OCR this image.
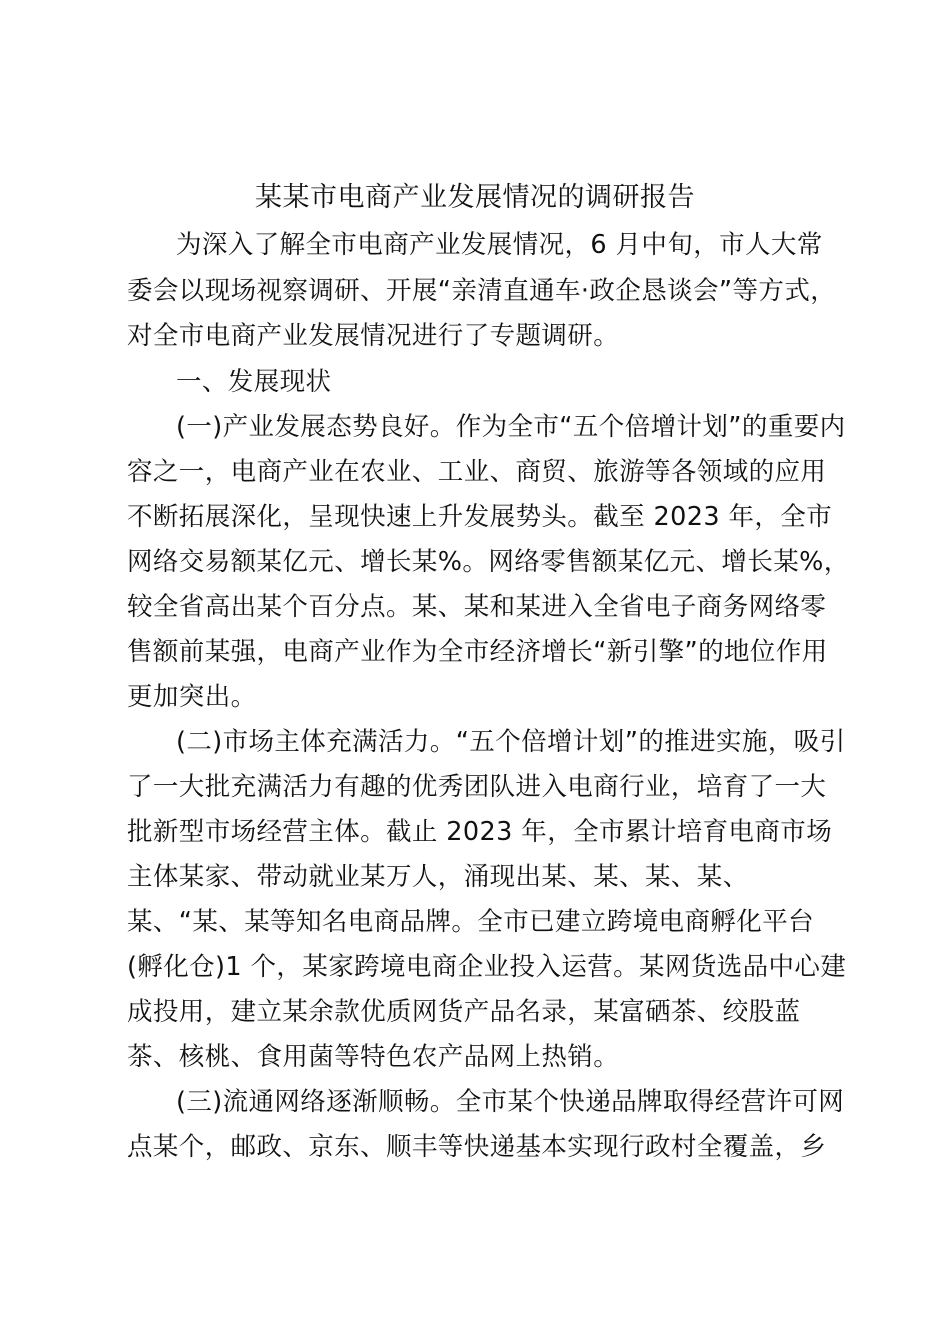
某某市电商产业发展情况的调研报告
为深入了解全市电商产业发展情况，6 月中旬，市人大常
委会以现场视察调研、开展“亲清直通车·政企恳谈会”等方式，
对全市电商产业发展情况进行了专题调研。
一、发展现状
(一)产业发展态势良好。作为全市“五个倍增计划”的重要内
容之一，电商产业在农业、工业、商贸、旅游等各领域的应用
不断拓展深化，呈现快速上升发展势头。截至 2023 年，全市
网络交易额某亿元、增长某%。网络零售额某亿元、增长某%，
较全省高出某个百分点。某、某和某进入全省电子商务网络零
售额前某强，电商产业作为全市经济增长“新引擎”的地位作用
更加突出。
(二)市场主体充满活力。“五个倍增计划”的推进实施，吸引
了一大批充满活力有趣的优秀团队进入电商行业，培育了一大
批新型市场经营主体。截止 2023 年，全市累计培育电商市场
主体某家、带动就业某万人，涌现出某、某、某、某、
某、“某、某等知名电商品牌。全市已建立跨境电商孵化平台
(孵化仓)1 个，某家跨境电商企业投入运营。某网货选品中心建
成投用，建立某余款优质网货产品名录，某富硒茶、绞股蓝
茶、核桃、食用菌等特色农产品网上热销。
(三)流通网络逐渐顺畅。全市某个快递品牌取得经营许可网
点某个，邮政、京东、顺丰等快递基本实现行政村全覆盖，乡
